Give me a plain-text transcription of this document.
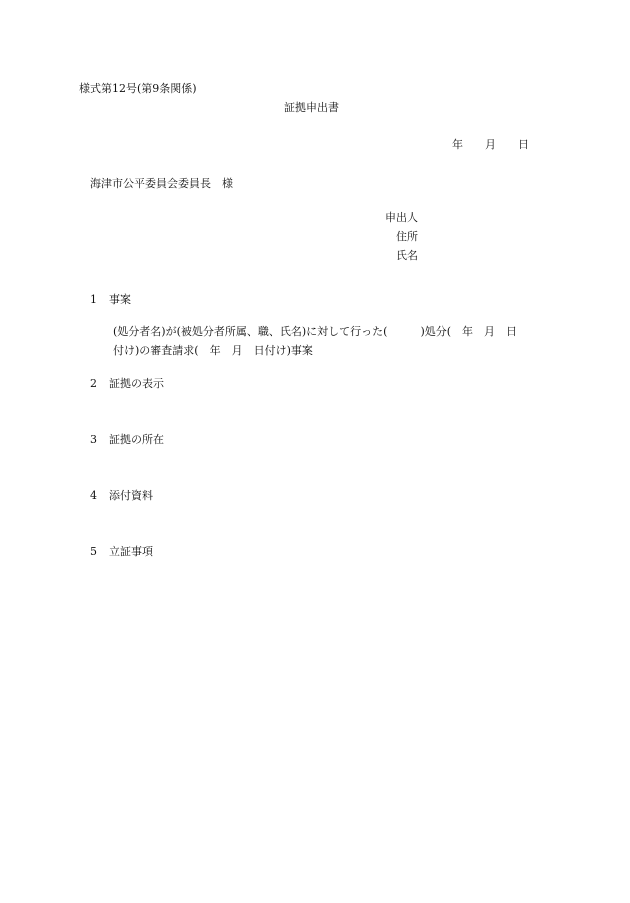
様式第12号(第9条関係)
証拠申出書
年 月 日
海津市公平委員会委員長　様
申出人
住所
氏名
1 事案
(処分者名)が(被処分者所属、職、氏名)に対して行った(　　　)処分(　年　月　日
付け)の審査請求(　年　月　日付け)事案
2 証拠の表示
3 証拠の所在
4 添付資料
5 立証事項
